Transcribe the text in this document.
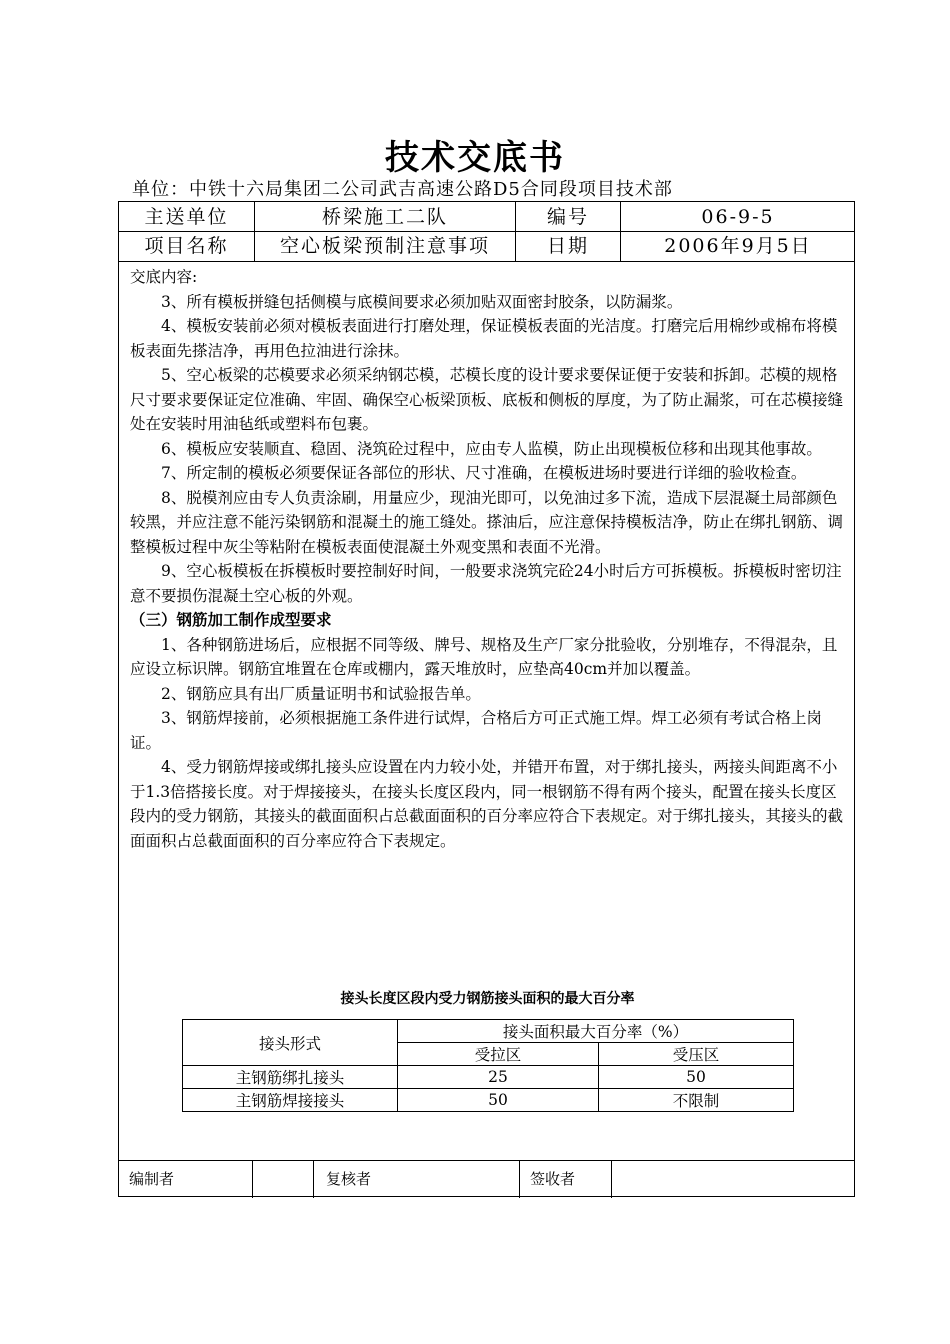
技术交底书
单位：中铁十六局集团二公司武吉高速公路D5合同段项目技术部
主送单位	桥梁施工二队	编号	06-9-5
项目名称	空心板梁预制注意事项	日期	2006年9月5日

交底内容:

3、所有模板拼缝包括侧模与底模间要求必须加贴双面密封胶条，以防漏浆。

4、模板安装前必须对模板表面进行打磨处理，保证模板表面的光洁度。打磨完后用棉纱或棉布将模板表面先搽洁净，再用色拉油进行涂抹。

5、空心板梁的芯模要求必须采纳钢芯模，芯模长度的设计要求要保证便于安装和拆卸。芯模的规格尺寸要求要保证定位准确、牢固、确保空心板梁顶板、底板和侧板的厚度，为了防止漏浆，可在芯模接缝处在安装时用油毡纸或塑料布包裹。

6、模板应安装顺直、稳固、浇筑砼过程中，应由专人监模，防止出现模板位移和出现其他事故。

7、所定制的模板必须要保证各部位的形状、尺寸准确，在模板进场时要进行详细的验收检查。

8、脱模剂应由专人负责涂刷，用量应少，现油光即可，以免油过多下流，造成下层混凝土局部颜色较黑，并应注意不能污染钢筋和混凝土的施工缝处。搽油后，应注意保持模板洁净，防止在绑扎钢筋、调整模板过程中灰尘等粘附在模板表面使混凝土外观变黑和表面不光滑。

9、空心板模板在拆模板时要控制好时间，一般要求浇筑完砼24小时后方可拆模板。拆模板时密切注意不要损伤混凝土空心板的外观。

（三）钢筋加工制作成型要求

1、各种钢筋进场后，应根据不同等级、牌号、规格及生产厂家分批验收，分别堆存，不得混杂，且应设立标识牌。钢筋宜堆置在仓库或棚内，露天堆放时，应垫高40cm并加以覆盖。

2、钢筋应具有出厂质量证明书和试验报告单。

3、钢筋焊接前，必须根据施工条件进行试焊，合格后方可正式施工焊。焊工必须有考试合格上岗证。

4、受力钢筋焊接或绑扎接头应设置在内力较小处，并错开布置，对于绑扎接头，两接头间距离不小于1.3倍搭接长度。对于焊接接头，在接头长度区段内，同一根钢筋不得有两个接头，配置在接头长度区段内的受力钢筋，其接头的截面面积占总截面面积的百分率应符合下表规定。对于绑扎接头，其接头的截面面积占总截面面积的百分率应符合下表规定。

接头长度区段内受力钢筋接头面积的最大百分率
接头形式	接头面积最大百分率（%）	
	受拉区	受压区
主钢筋绑扎接头	25	50
主钢筋焊接接头	50	不限制
编制者	复核者	签收者
